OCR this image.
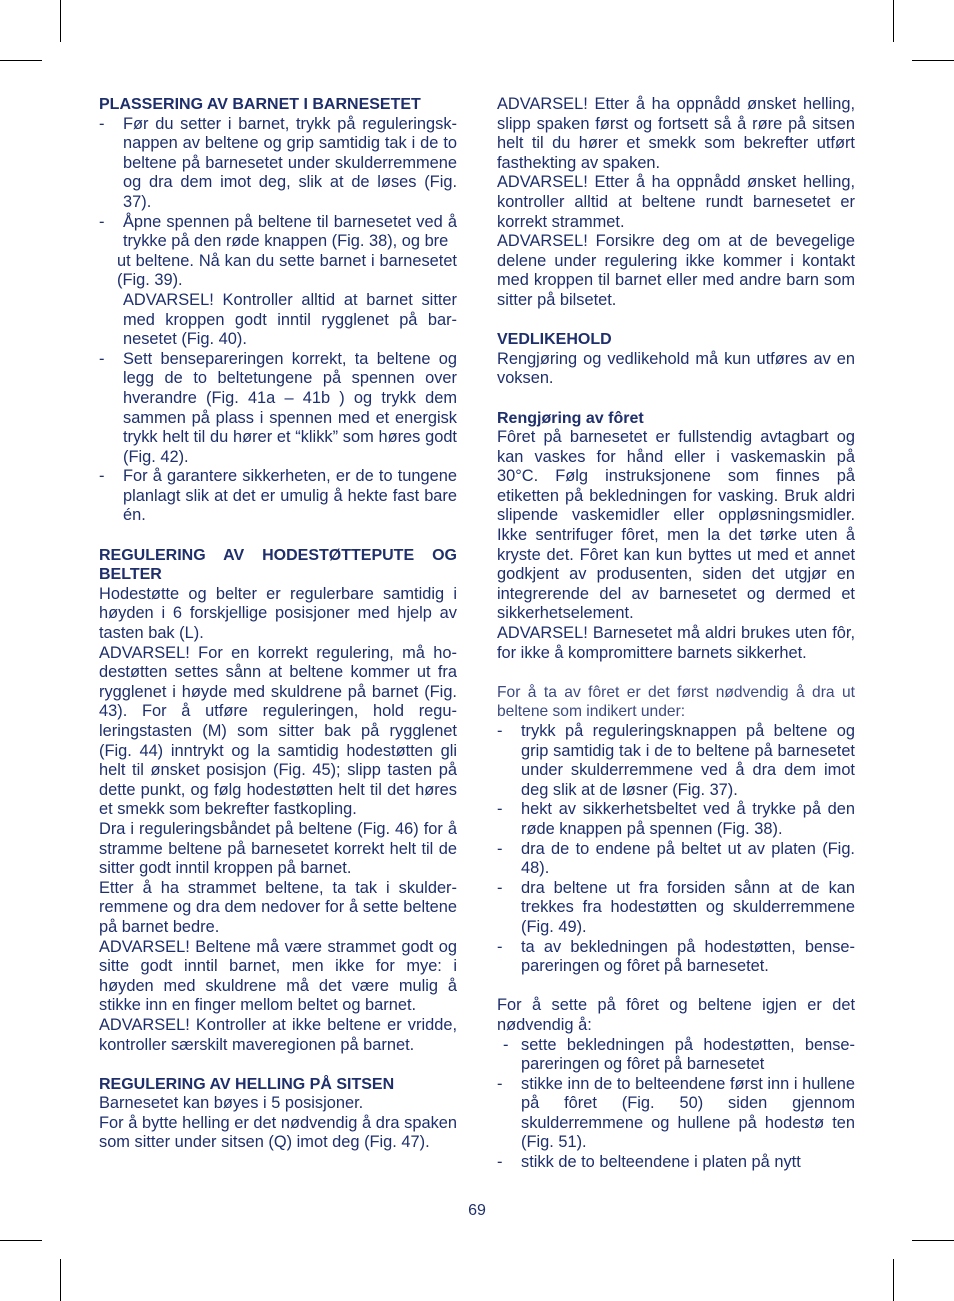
PLASSERING AV BARNET I BARNESETET
- Før du setter i barnet, trykk på reguleringsknappen av beltene og grip samtidig tak i de to beltene på barnesetet under skulderremmene og dra dem imot deg, slik at de løses (Fig. 37).
- Åpne spennen på beltene til barnesetet ved å trykke på den røde knappen (Fig. 38), og bre
ut beltene. Nå kan du sette barnet i barnesetet (Fig. 39).
ADVARSEL! Kontroller alltid at barnet sitter med kroppen godt inntil rygglenet på barnesetet (Fig. 40).
- Sett bensepareringen korrekt, ta beltene og legg de to beltetungene på spennen over hverandre (Fig. 41a – 41b ) og trykk dem sammen på plass i spennen med et energisk trykk helt til du hører et “klikk” som høres godt (Fig. 42).
- For å garantere sikkerheten, er de to tungene planlagt slik at det er umulig å hekte fast bare én.
REGULERING AV HODESTØTTEPUTE OG BELTER
Hodestøtte og belter er regulerbare samtidig i høyden i 6 forskjellige posisjoner med hjelp av tasten bak (L).
ADVARSEL! For en korrekt regulering, må hodestøtten settes sånn at beltene kommer ut fra rygglenet i høyde med skuldrene på barnet (Fig. 43). For å utføre reguleringen, hold reguleringstasten (M) som sitter bak på rygglenet (Fig. 44) inntrykt og la samtidig hodestøtten gli helt til ønsket posisjon (Fig. 45); slipp tasten på dette punkt, og følg hodestøtten helt til det høres et smekk som bekrefter fastkopling.
Dra i reguleringsbåndet på beltene (Fig. 46) for å stramme beltene på barnesetet korrekt helt til de sitter godt inntil kroppen på barnet.
Etter å ha strammet beltene, ta tak i skulderremmene og dra dem nedover for å sette beltene på barnet bedre.
ADVARSEL! Beltene må være strammet godt og sitte godt inntil barnet, men ikke for mye: i høyden med skuldrene må det være mulig å stikke inn en finger mellom beltet og barnet.
ADVARSEL! Kontroller at ikke beltene er vridde, kontroller særskilt maveregionen på barnet.
REGULERING AV HELLING PÅ SITSEN
Barnesetet kan bøyes i 5 posisjoner.
For å bytte helling er det nødvendig å dra spaken som sitter under sitsen (Q) imot deg (Fig. 47).
ADVARSEL! Etter å ha oppnådd ønsket helling, slipp spaken først og fortsett så å røre på sitsen helt til du hører et smekk som bekrefter utført fasthekting av spaken.
ADVARSEL! Etter å ha oppnådd ønsket helling, kontroller alltid at beltene rundt barnesetet er korrekt strammet.
ADVARSEL! Forsikre deg om at de bevegelige delene under regulering ikke kommer i kontakt med kroppen til barnet eller med andre barn som sitter på bilsetet.
VEDLIKEHOLD
Rengjøring og vedlikehold må kun utføres av en voksen.
Rengjøring av fôret
Fôret på barnesetet er fullstendig avtagbart og kan vaskes for hånd eller i vaskemaskin på 30°C. Følg instruksjonene som finnes på etiketten på bekledningen for vasking. Bruk aldri slipende vaskemidler eller oppløsningsmidler. Ikke sentrifuger fôret, men la det tørke uten å kryste det. Fôret kan kun byttes ut med et annet godkjent av produsenten, siden det utgjør en integrerende del av barnesetet og dermed et sikkerhetselement.
ADVARSEL! Barnesetet må aldri brukes uten fôr, for ikke å kompromittere barnets sikkerhet.
For å ta av fôret er det først nødvendig å dra ut beltene som indikert under:
- trykk på reguleringsknappen på beltene og grip samtidig tak i de to beltene på barnesetet under skulderremmene ved å dra dem imot deg slik at de løsner (Fig. 37).
- hekt av sikkerhetsbeltet ved å trykke på den røde knappen på spennen (Fig. 38).
- dra de to endene på beltet ut av platen (Fig. 48).
- dra beltene ut fra forsiden sånn at de kan trekkes fra hodestøtten og skulderremmene (Fig. 49).
- ta av bekledningen på hodestøtten, bensepareringen og fôret på barnesetet.
For å sette på fôret og beltene igjen er det nødvendig å:
- sette bekledningen på hodestøtten, bensepareringen og fôret på barnesetet
- stikke inn de to belteendene først inn i hullene på fôret (Fig. 50) siden gjennom skulderremmene og hullene på hodestø ten (Fig. 51).
- stikk de to belteendene i platen på nytt
69
